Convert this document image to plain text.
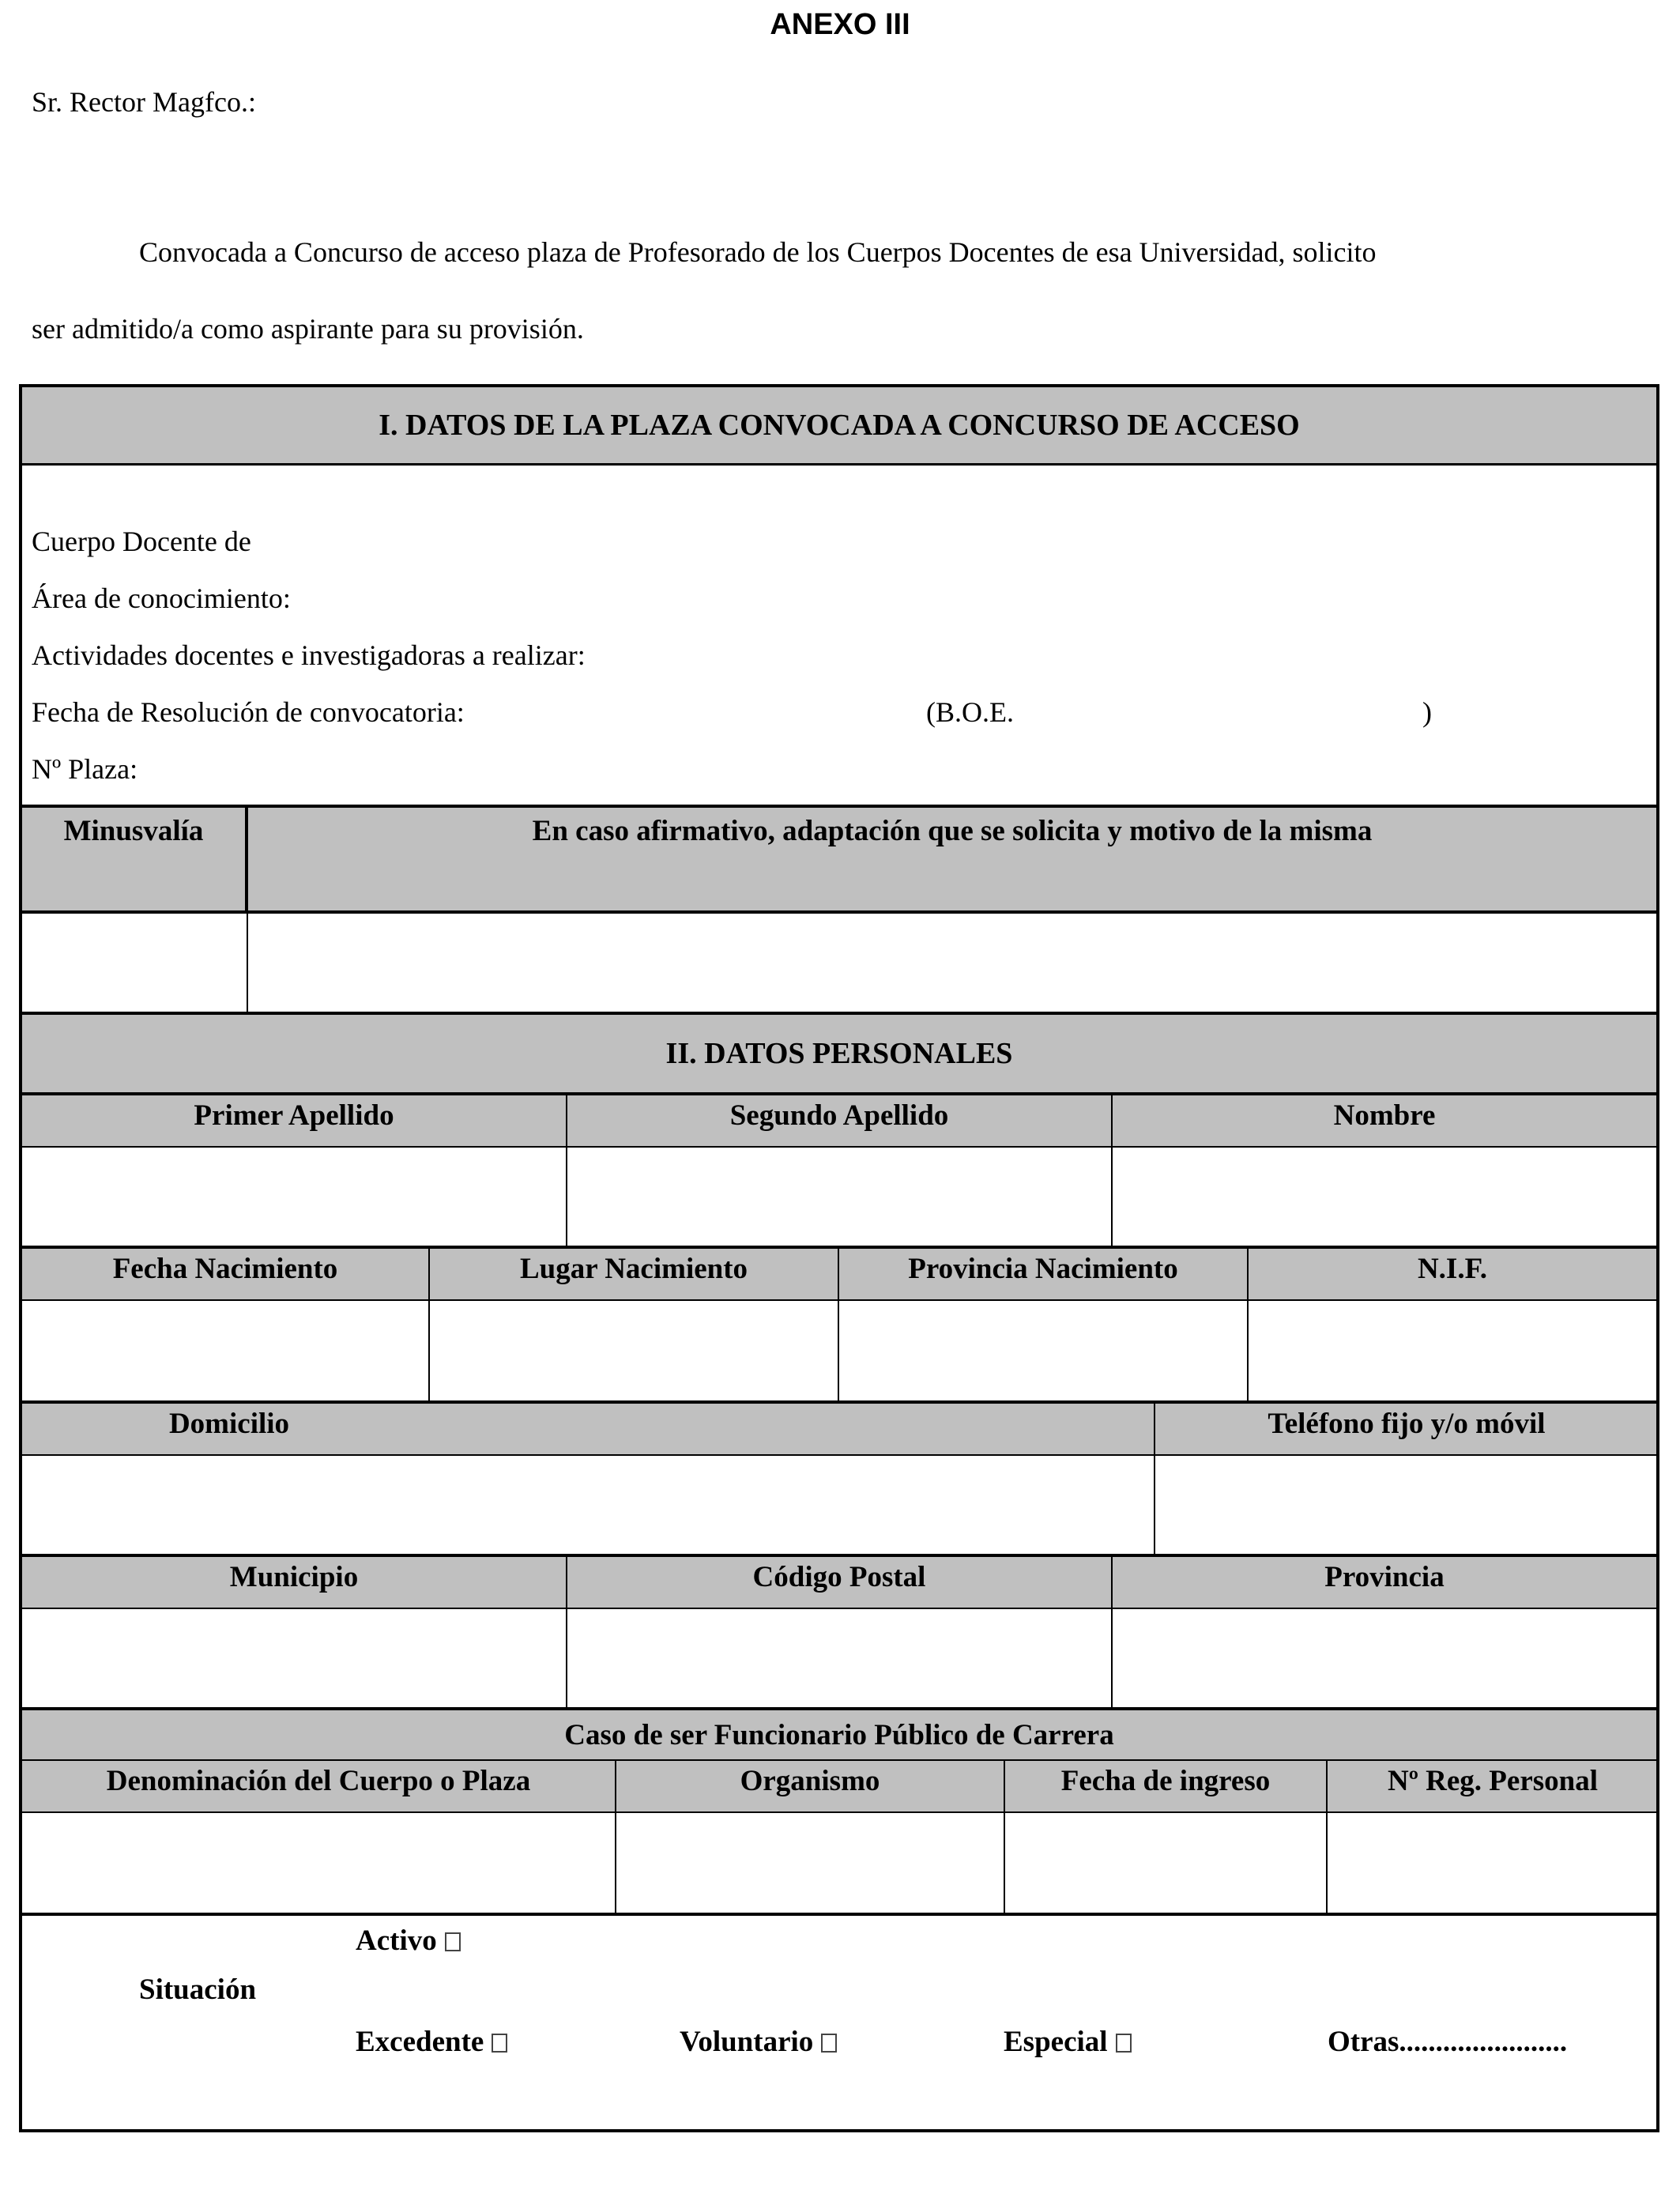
ANEXO III
Sr. Rector Magfco.:
Convocada a Concurso de acceso plaza de Profesorado de los Cuerpos Docentes de esa Universidad, solicito
ser admitido/a como aspirante para su provisión.
I. DATOS DE LA PLAZA CONVOCADA A CONCURSO DE ACCESO
Cuerpo Docente de
Área de conocimiento:
Actividades docentes e investigadoras a realizar:
Fecha de Resolución de convocatoria:	(B.O.E.	)
Nº Plaza:
Minusvalía	En caso afirmativo, adaptación que se solicita y motivo de la misma
II. DATOS PERSONALES
Primer Apellido	Segundo Apellido	Nombre
Fecha Nacimiento	Lugar Nacimiento	Provincia Nacimiento	N.I.F.
Domicilio	Teléfono fijo y/o móvil
Municipio	Código Postal	Provincia
Caso de ser Funcionario Público de Carrera
Denominación del Cuerpo o Plaza	Organismo	Fecha de ingreso	Nº Reg. Personal
Situación
Activo
Excedente	Voluntario	Especial	Otras.......................
